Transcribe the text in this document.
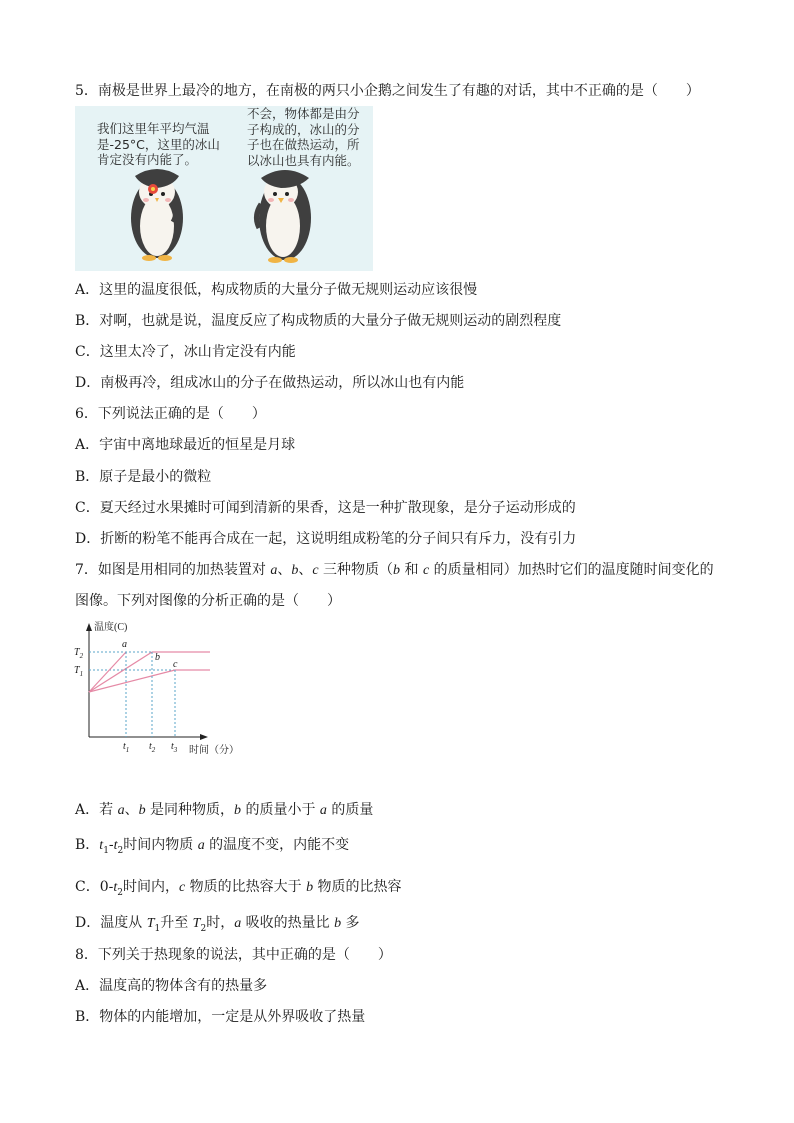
5．南极是世界上最冷的地方，在南极的两只小企鹅之间发生了有趣的对话，其中不正确的是（　　）
我们这里年平均气温
是-25°C，这里的冰山
肯定没有内能了。
不会，物体都是由分
子构成的，冰山的分
子也在做热运动，所
以冰山也具有内能。
A．这里的温度很低，构成物质的大量分子做无规则运动应该很慢
B．对啊，也就是说，温度反应了构成物质的大量分子做无规则运动的剧烈程度
C．这里太冷了，冰山肯定没有内能
D．南极再冷，组成冰山的分子在做热运动，所以冰山也有内能
6．下列说法正确的是（　　）
A．宇宙中离地球最近的恒星是月球
B．原子是最小的微粒
C．夏天经过水果摊时可闻到清新的果香，这是一种扩散现象，是分子运动形成的
D．折断的粉笔不能再合成在一起，这说明组成粉笔的分子间只有斥力，没有引力
7．如图是用相同的加热装置对 a、b、c 三种物质（b 和 c 的质量相同）加热时它们的温度随时间变化的
图像。下列对图像的分析正确的是（　　）
温度(C)
时间（分）
$T_2$
$T_1$
$t_1$ $t_2$ $t_3$
a
b
c
A．若 a、b 是同种物质，b 的质量小于 a 的质量
B．$t_1-t_2$时间内物质 a 的温度不变，内能不变
C．$0-t_2$时间内，c 物质的比热容大于 b 物质的比热容
D．温度从 $T_1$升至 $T_2$时，a 吸收的热量比 b 多
8．下列关于热现象的说法，其中正确的是（　　）
A．温度高的物体含有的热量多
B．物体的内能增加，一定是从外界吸收了热量
